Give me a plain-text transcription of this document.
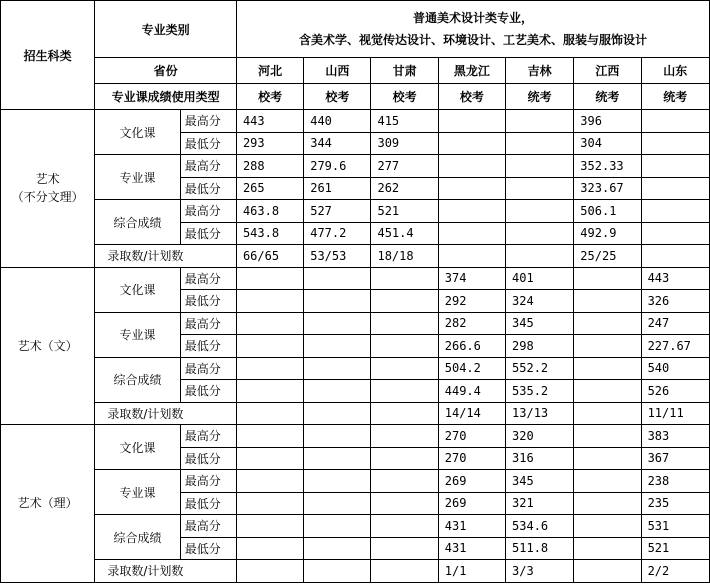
招生科类	专业类别		普通美术设计类专业，
含美术学、视觉传达设计、环境设计、工艺美术、服装与服饰设计						

	省份		河北	山西	甘肃	黑龙江	吉林	江西	山东
	专业课成绩使用类型		校考	校考	校考	校考	统考	统考	统考

艺术
（不分文理）	文化课	最高分	443	440	415			396	
		最低分	293	344	309			304	
	专业课	最高分	288	279.6	277			352.33	
		最低分	265	261	262			323.67	
	综合成绩	最高分	463.8	527	521			506.1	
		最低分	543.8	477.2	451.4			492.9	
	录取数/计划数		66/65	53/53	18/18			25/25	

艺术（文）	文化课	最高分				374	401		443
		最低分				292	324		326
	专业课	最高分				282	345		247
		最低分				266.6	298		227.67
	综合成绩	最高分				504.2	552.2		540
		最低分				449.4	535.2		526
	录取数/计划数					14/14	13/13		11/11

艺术（理）	文化课	最高分				270	320		383
		最低分				270	316		367
	专业课	最高分				269	345		238
		最低分				269	321		235
	综合成绩	最高分				431	534.6		531
		最低分				431	511.8		521
	录取数/计划数					1/1	3/3		2/2
